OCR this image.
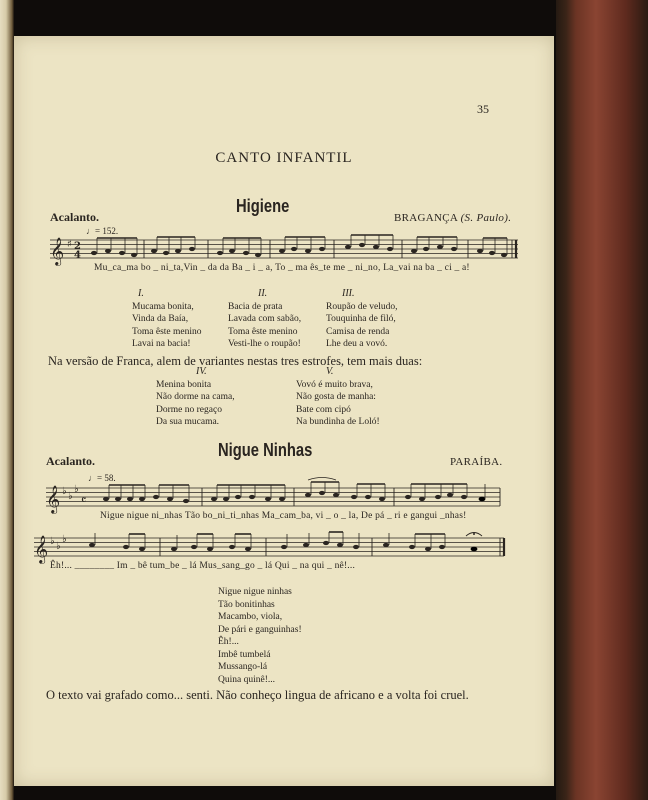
35
CANTO INFANTIL
Higiene
Acalanto.	BRAGANÇA (S. Paulo).
♩= 152.
𝄞 ♯ 2
4
Mu_ca_ma bo _ ni_ta,Vin _ da da Ba _ i _ a, To _ ma ês_te me _ ni_no, La_vai na ba _ ci _ a!
I.
Mucama bonita,
Vinda da Baía,
Toma êste menino
Lavai na bacia!
II.
Bacia de prata
Lavada com sabão,
Toma êste menino
Vesti-lhe o roupão!
III.
Roupão de veludo,
Touquinha de filó,
Camisa de renda
Lhe deu a vovó.
Na versão de Franca, alem de variantes nestas tres estrofes, tem mais duas:
IV.
Menina bonita
Não dorme na cama,
Dorme no regaço
Da sua mucama.
V.
Vovó é muito brava,
Não gosta de manha:
Bate com cipó
Na bundinha de Loló!
Nigue Ninhas
Acalanto.	PARAÍBA.
♩= 58.
𝄞 ♭ ♭
♭
𝄴
Nigue nigue ni_nhas Tão bo_ni_ti_nhas Ma_cam_ba, vi _ o _ la, De pá _ ri e gangui _nhas!
𝄞 ♭ ♭
♭
Êh!... ________ Im _ bê tum_be _ lá Mus_sang_go _ lá Qui _ na qui _ nê!...
Nigue nigue ninhas
Tão bonitinhas
Macambo, viola,
De pári e ganguinhas!
Êh!...
Imbê tumbelá
Mussango-lá
Quina quinê!...
O texto vai grafado como... senti. Não conheço lingua de africano e a volta foi cruel.
